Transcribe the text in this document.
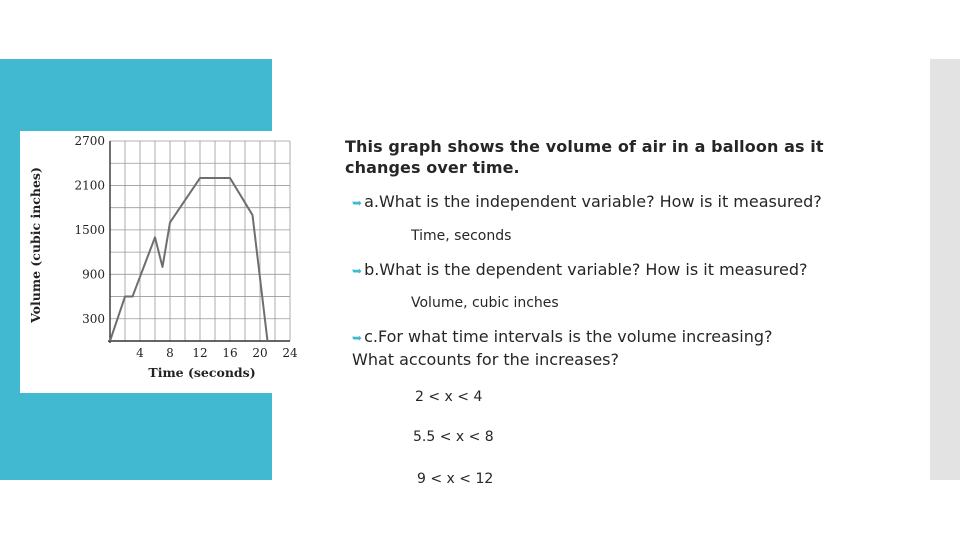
4 8 12 16 20 24
300
900
1500
2100
2700
Time (seconds)
Volume (cubic inches)
This graph shows the volume of air in a balloon as it changes over time.
➥ a.What is the independent variable? How is it measured?
Time, seconds
➥ b.What is the dependent variable? How is it measured?
Volume, cubic inches
➥ c.For what time intervals is the volume increasing? What accounts for the increases?
2 < x < 4
5.5 < x < 8
9 < x < 12
